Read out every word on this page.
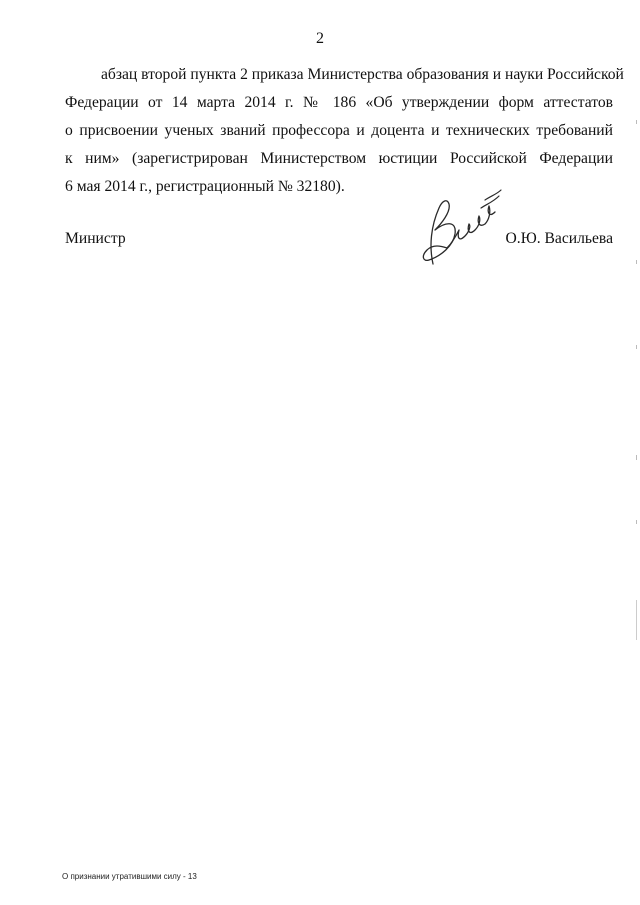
2
абзац второй пункта 2 приказа Министерства образования и науки Российской
Федерации от 14 марта 2014 г. № 186 «Об утверждении форм аттестатов
о присвоении ученых званий профессора и доцента и технических требований
к ним» (зарегистрирован Министерством юстиции Российской Федерации
6 мая 2014 г., регистрационный № 32180).
Министр	О.Ю. Васильева
О признании утратившими силу - 13
